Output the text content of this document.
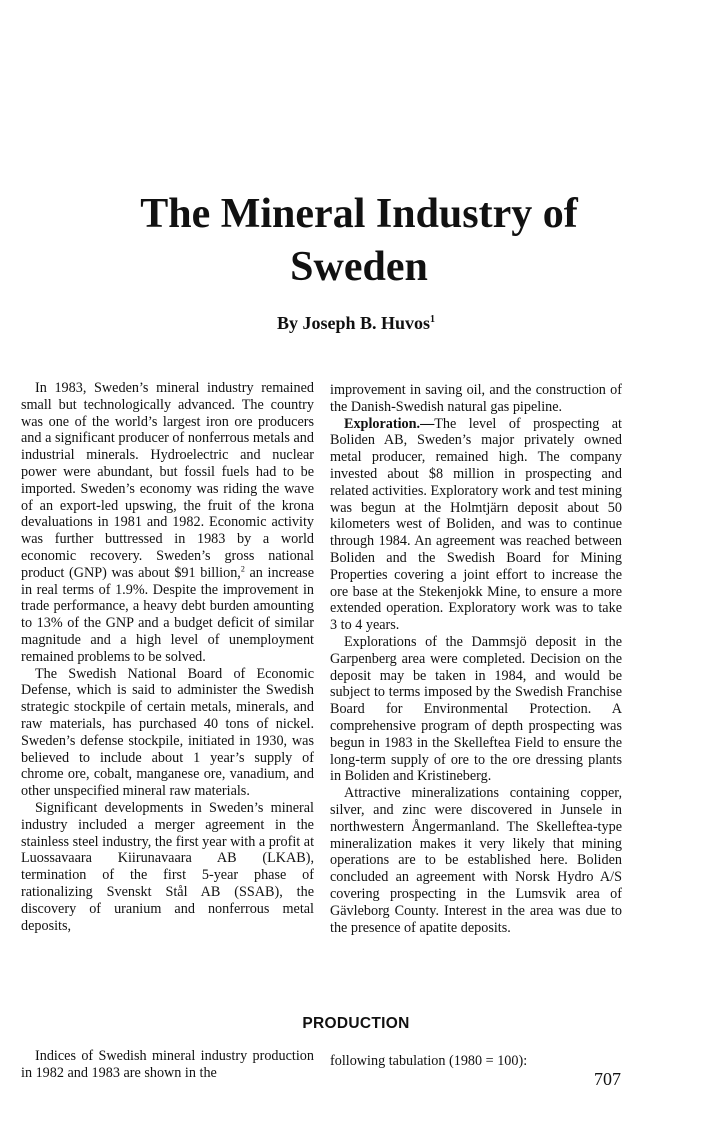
The Mineral Industry of
Sweden
By Joseph B. Huvos$^1$

In 1983, Sweden’s mineral industry remained small but technologically advanced. The country was one of the world’s largest iron ore producers and a significant producer of nonferrous metals and industrial minerals. Hydroelectric and nuclear power were abundant, but fossil fuels had to be imported. Sweden’s economy was riding the wave of an export-led upswing, the fruit of the krona devaluations in 1981 and 1982. Economic activity was further buttressed in 1983 by a world economic recovery. Sweden’s gross national product (GNP) was about $91 billion,$^2$ an increase in real terms of 1.9%. Despite the improvement in trade performance, a heavy debt burden amounting to 13% of the GNP and a budget deficit of similar magnitude and a high level of unemployment remained problems to be solved.

The Swedish National Board of Economic Defense, which is said to administer the Swedish strategic stockpile of certain metals, minerals, and raw materials, has purchased 40 tons of nickel. Sweden’s defense stockpile, initiated in 1930, was believed to include about 1 year’s supply of chrome ore, cobalt, manganese ore, vanadium, and other unspecified mineral raw materials.

Significant developments in Sweden’s mineral industry included a merger agreement in the stainless steel industry, the first year with a profit at Luossavaara Kiirunavaara AB (LKAB), termination of the first 5-year phase of rationalizing Svenskt Stål AB (SSAB), the discovery of uranium and nonferrous metal deposits,

improvement in saving oil, and the construction of the Danish-Swedish natural gas pipeline.

Exploration.—The level of prospecting at Boliden AB, Sweden’s major privately owned metal producer, remained high. The company invested about $8 million in prospecting and related activities. Exploratory work and test mining was begun at the Holmtjärn deposit about 50 kilometers west of Boliden, and was to continue through 1984. An agreement was reached between Boliden and the Swedish Board for Mining Properties covering a joint effort to increase the ore base at the Stekenjokk Mine, to ensure a more extended operation. Exploratory work was to take 3 to 4 years.

Explorations of the Dammsjö deposit in the Garpenberg area were completed. Decision on the deposit may be taken in 1984, and would be subject to terms imposed by the Swedish Franchise Board for Environmental Protection. A comprehensive program of depth prospecting was begun in 1983 in the Skelleftea Field to ensure the long-term supply of ore to the ore dressing plants in Boliden and Kristineberg.

Attractive mineralizations containing copper, silver, and zinc were discovered in Junsele in northwestern Ångermanland. The Skelleftea-type mineralization makes it very likely that mining operations are to be established here. Boliden concluded an agreement with Norsk Hydro A/S covering prospecting in the Lumsvik area of Gävleborg County. Interest in the area was due to the presence of apatite deposits.

PRODUCTION

Indices of Swedish mineral industry production in 1982 and 1983 are shown in the

following tabulation (1980 = 100):

707
